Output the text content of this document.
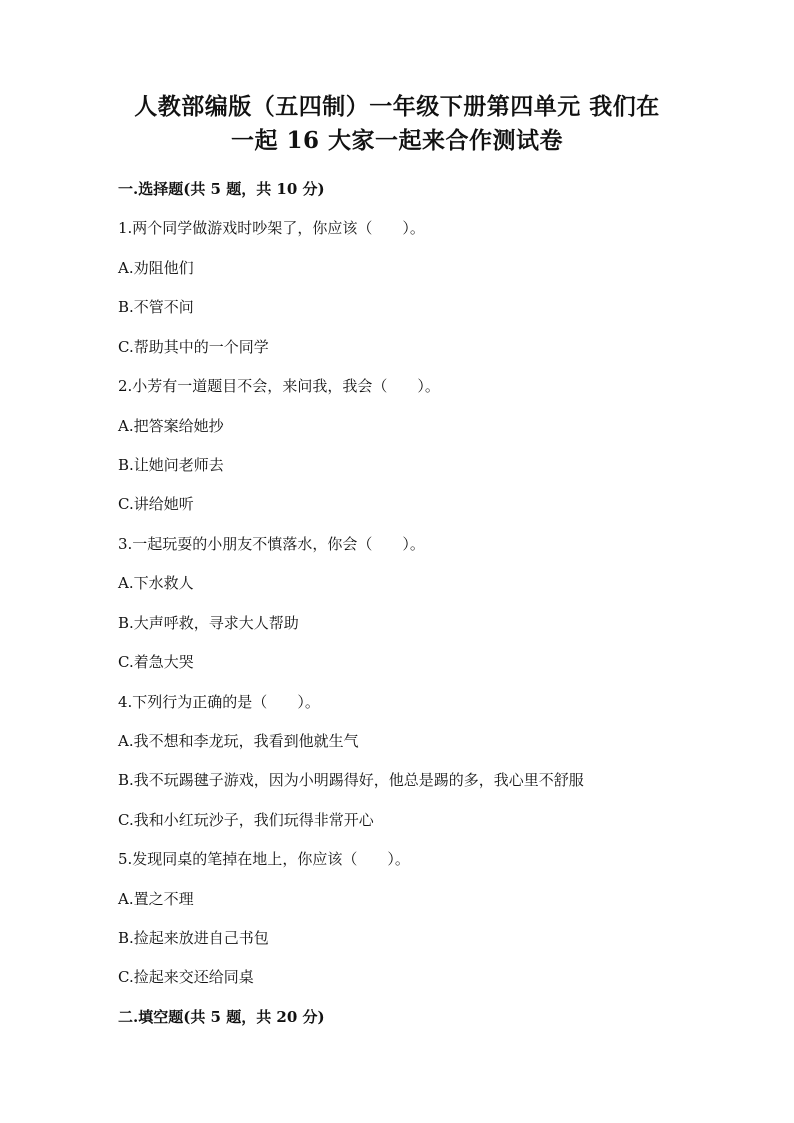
人教部编版（五四制）一年级下册第四单元 我们在
一起 16 大家一起来合作测试卷
一.选择题(共 5 题，共 10 分)
1.两个同学做游戏时吵架了，你应该（　　）。
A.劝阻他们
B.不管不问
C.帮助其中的一个同学
2.小芳有一道题目不会，来问我，我会（　　）。
A.把答案给她抄
B.让她问老师去
C.讲给她听
3.一起玩耍的小朋友不慎落水，你会（　　）。
A.下水救人
B.大声呼救，寻求大人帮助
C.着急大哭
4.下列行为正确的是（　　）。
A.我不想和李龙玩，我看到他就生气
B.我不玩踢毽子游戏，因为小明踢得好，他总是踢的多，我心里不舒服
C.我和小红玩沙子，我们玩得非常开心
5.发现同桌的笔掉在地上，你应该（　　）。
A.置之不理
B.捡起来放进自己书包
C.捡起来交还给同桌
二.填空题(共 5 题，共 20 分)
